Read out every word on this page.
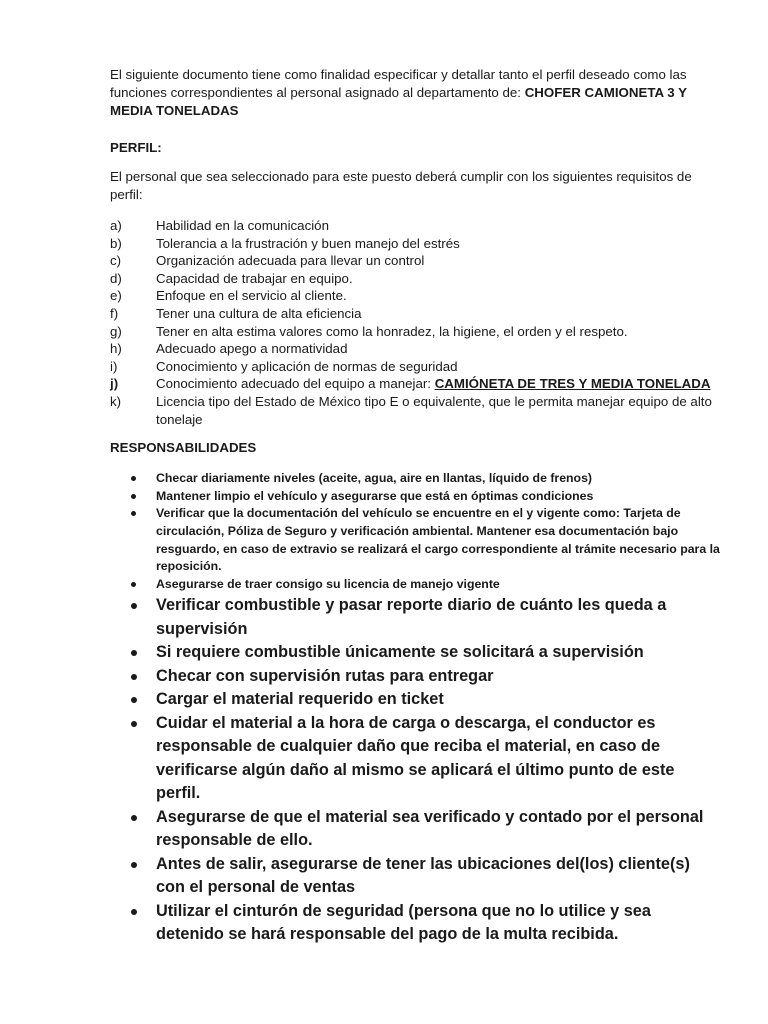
El siguiente documento tiene como finalidad especificar y detallar tanto el perfil deseado como las funciones correspondientes al personal asignado al departamento de: CHOFER CAMIONETA 3 Y MEDIA TONELADAS

PERFIL:

El personal que sea seleccionado para este puesto deberá cumplir con los siguientes requisitos de perfil:

a)	Habilidad en la comunicación
b)	Tolerancia a la frustración y buen manejo del estrés
c)	Organización adecuada para llevar un control
d)	Capacidad de trabajar en equipo.
e)	Enfoque en el servicio al cliente.
f)	Tener una cultura de alta eficiencia
g)	Tener en alta estima valores como la honradez, la higiene, el orden y el respeto.
h)	Adecuado apego a normatividad
i)	Conocimiento y aplicación de normas de seguridad
j)	Conocimiento adecuado del equipo a manejar: CAMIÓNETA DE TRES Y MEDIA TONELADA
k)	Licencia tipo del Estado de México tipo E o equivalente, que le permita manejar equipo de alto tonelaje

RESPONSABILIDADES

Checar diariamente niveles (aceite, agua, aire en llantas, líquido de frenos)
Mantener limpio el vehículo y asegurarse que está en óptimas condiciones
Verificar que la documentación del vehículo se encuentre en el y vigente como: Tarjeta de circulación, Póliza de Seguro y verificación ambiental. Mantener esa documentación bajo resguardo, en caso de extravio se realizará el cargo correspondiente al trámite necesario para la reposición.
Asegurarse de traer consigo su licencia de manejo vigente
Verificar combustible y pasar reporte diario de cuánto les queda a supervisión
Si requiere combustible únicamente se solicitará a supervisión
Checar con supervisión rutas para entregar
Cargar el material requerido en ticket
Cuidar el material a la hora de carga o descarga, el conductor es responsable de cualquier daño que reciba el material, en caso de verificarse algún daño al mismo se aplicará el último punto de este perfil.
Asegurarse de que el material sea verificado y contado por el personal responsable de ello.
Antes de salir, asegurarse de tener las ubicaciones del(los) cliente(s) con el personal de ventas
Utilizar el cinturón de seguridad (persona que no lo utilice y sea detenido se hará responsable del pago de la multa recibida.
